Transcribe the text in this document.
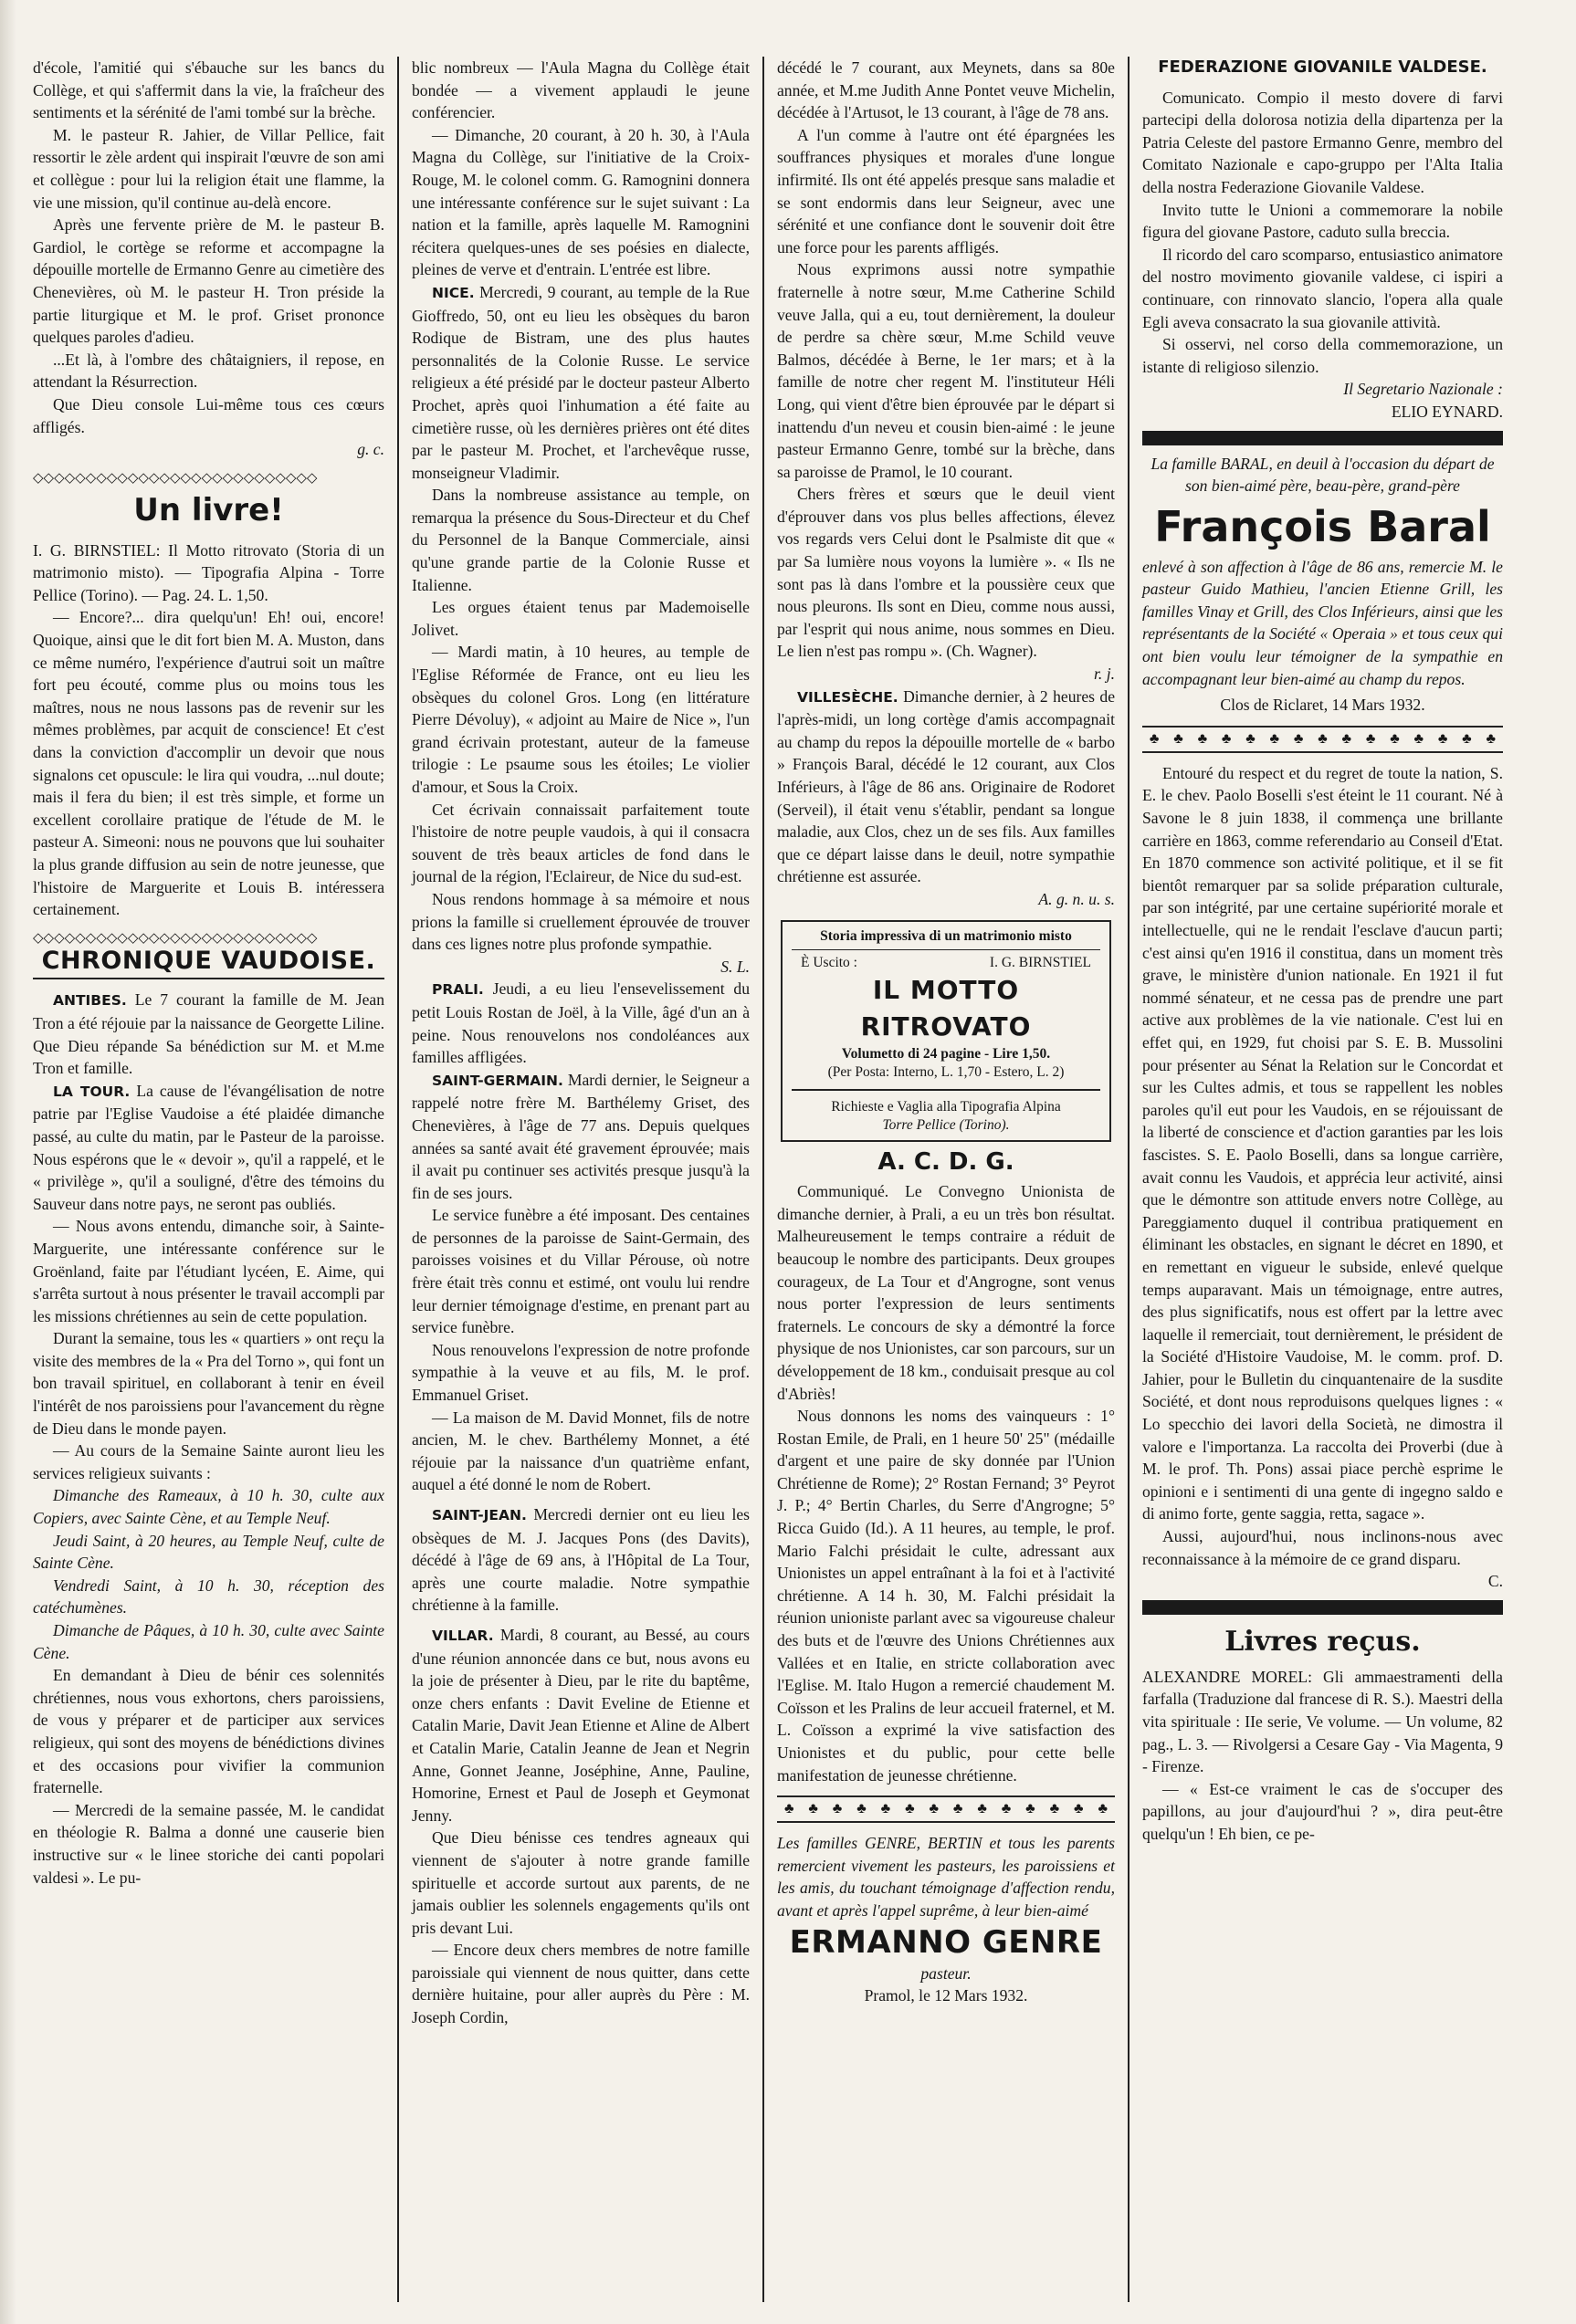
d'école, l'amitié qui s'ébauche sur les bancs du Collège, et qui s'affermit dans la vie, la fraîcheur des sentiments et la sérénité de l'ami tombé sur la brèche.

M. le pasteur R. Jahier, de Villar Pellice, fait ressortir le zèle ardent qui inspirait l'œuvre de son ami et collègue : pour lui la religion était une flamme, la vie une mission, qu'il continue au-delà encore.

Après une fervente prière de M. le pasteur B. Gardiol, le cortège se reforme et accompagne la dépouille mortelle de Ermanno Genre au cimetière des Chenevières, où M. le pasteur H. Tron préside la partie liturgique et M. le prof. Griset prononce quelques paroles d'adieu.

...Et là, à l'ombre des châtaigniers, il repose, en attendant la Résurrection.

Que Dieu console Lui-même tous ces cœurs affligés.

g. c.
◇◇◇◇◇◇◇◇◇◇◇◇◇◇◇◇◇◇◇◇◇◇◇◇◇◇◇
Un livre!

I. G. BIRNSTIEL: Il Motto ritrovato (Storia di un matrimonio misto). — Tipografia Alpina - Torre Pellice (Torino). — Pag. 24. L. 1,50.

— Encore?... dira quelqu'un! Eh! oui, encore! Quoique, ainsi que le dit fort bien M. A. Muston, dans ce même numéro, l'expérience d'autrui soit un maître fort peu écouté, comme plus ou moins tous les maîtres, nous ne nous lassons pas de revenir sur les mêmes problèmes, par acquit de conscience! Et c'est dans la conviction d'accomplir un devoir que nous signalons cet opuscule: le lira qui voudra, ...nul doute; mais il fera du bien; il est très simple, et forme un excellent corollaire pratique de l'étude de M. le pasteur A. Simeoni: nous ne pouvons que lui souhaiter la plus grande diffusion au sein de notre jeunesse, que l'histoire de Marguerite et Louis B. intéressera certainement.

◇◇◇◇◇◇◇◇◇◇◇◇◇◇◇◇◇◇◇◇◇◇◇◇◇◇◇
CHRONIQUE VAUDOISE.

ANTIBES. Le 7 courant la famille de M. Jean Tron a été réjouie par la naissance de Georgette Liline. Que Dieu répande Sa bénédiction sur M. et M.me Tron et famille.

LA TOUR. La cause de l'évangélisation de notre patrie par l'Eglise Vaudoise a été plaidée dimanche passé, au culte du matin, par le Pasteur de la paroisse. Nous espérons que le « devoir », qu'il a rappelé, et le « privilège », qu'il a souligné, d'être des témoins du Sauveur dans notre pays, ne seront pas oubliés.

— Nous avons entendu, dimanche soir, à Sainte-Marguerite, une intéressante conférence sur le Groënland, faite par l'étudiant lycéen, E. Aime, qui s'arrêta surtout à nous présenter le travail accompli par les missions chrétiennes au sein de cette population.

Durant la semaine, tous les « quartiers » ont reçu la visite des membres de la « Pra del Torno », qui font un bon travail spirituel, en collaborant à tenir en éveil l'intérêt de nos paroissiens pour l'avancement du règne de Dieu dans le monde payen.

— Au cours de la Semaine Sainte auront lieu les services religieux suivants :

Dimanche des Rameaux, à 10 h. 30, culte aux Copiers, avec Sainte Cène, et au Temple Neuf.

Jeudi Saint, à 20 heures, au Temple Neuf, culte de Sainte Cène.

Vendredi Saint, à 10 h. 30, réception des catéchumènes.

Dimanche de Pâques, à 10 h. 30, culte avec Sainte Cène.

En demandant à Dieu de bénir ces solennités chrétiennes, nous vous exhortons, chers paroissiens, de vous y préparer et de participer aux services religieux, qui sont des moyens de bénédictions divines et des occasions pour vivifier la communion fraternelle.

— Mercredi de la semaine passée, M. le candidat en théologie R. Balma a donné une causerie bien instructive sur « le linee storiche dei canti popolari valdesi ». Le pu-

blic nombreux — l'Aula Magna du Collège était bondée — a vivement applaudi le jeune conférencier.

— Dimanche, 20 courant, à 20 h. 30, à l'Aula Magna du Collège, sur l'initiative de la Croix-Rouge, M. le colonel comm. G. Ramognini donnera une intéressante conférence sur le sujet suivant : La nation et la famille, après laquelle M. Ramognini récitera quelques-unes de ses poésies en dialecte, pleines de verve et d'entrain. L'entrée est libre.

NICE. Mercredi, 9 courant, au temple de la Rue Gioffredo, 50, ont eu lieu les obsèques du baron Rodique de Bistram, une des plus hautes personnalités de la Colonie Russe. Le service religieux a été présidé par le docteur pasteur Alberto Prochet, après quoi l'inhumation a été faite au cimetière russe, où les dernières prières ont été dites par le pasteur M. Prochet, et l'archevêque russe, monseigneur Vladimir.

Dans la nombreuse assistance au temple, on remarqua la présence du Sous-Directeur et du Chef du Personnel de la Banque Commerciale, ainsi qu'une grande partie de la Colonie Russe et Italienne.

Les orgues étaient tenus par Mademoiselle Jolivet.

— Mardi matin, à 10 heures, au temple de l'Eglise Réformée de France, ont eu lieu les obsèques du colonel Gros. Long (en littérature Pierre Dévoluy), « adjoint au Maire de Nice », l'un grand écrivain protestant, auteur de la fameuse trilogie : Le psaume sous les étoiles; Le violier d'amour, et Sous la Croix.

Cet écrivain connaissait parfaitement toute l'histoire de notre peuple vaudois, à qui il consacra souvent de très beaux articles de fond dans le journal de la région, l'Eclaireur, de Nice du sud-est.

Nous rendons hommage à sa mémoire et nous prions la famille si cruellement éprouvée de trouver dans ces lignes notre plus profonde sympathie.

S. L.

PRALI. Jeudi, a eu lieu l'ensevelissement du petit Louis Rostan de Joël, à la Ville, âgé d'un an à peine. Nous renouvelons nos condoléances aux familles affligées.

SAINT-GERMAIN. Mardi dernier, le Seigneur a rappelé notre frère M. Barthélemy Griset, des Chenevières, à l'âge de 77 ans. Depuis quelques années sa santé avait été gravement éprouvée; mais il avait pu continuer ses activités presque jusqu'à la fin de ses jours.

Le service funèbre a été imposant. Des centaines de personnes de la paroisse de Saint-Germain, des paroisses voisines et du Villar Pérouse, où notre frère était très connu et estimé, ont voulu lui rendre leur dernier témoignage d'estime, en prenant part au service funèbre.

Nous renouvelons l'expression de notre profonde sympathie à la veuve et au fils, M. le prof. Emmanuel Griset.

— La maison de M. David Monnet, fils de notre ancien, M. le chev. Barthélemy Monnet, a été réjouie par la naissance d'un quatrième enfant, auquel a été donné le nom de Robert.

SAINT-JEAN. Mercredi dernier ont eu lieu les obsèques de M. J. Jacques Pons (des Davits), décédé à l'âge de 69 ans, à l'Hôpital de La Tour, après une courte maladie. Notre sympathie chrétienne à la famille.

VILLAR. Mardi, 8 courant, au Bessé, au cours d'une réunion annoncée dans ce but, nous avons eu la joie de présenter à Dieu, par le rite du baptême, onze chers enfants : Davit Eveline de Etienne et Catalin Marie, Davit Jean Etienne et Aline de Albert et Catalin Marie, Catalin Jeanne de Jean et Negrin Anne, Gonnet Jeanne, Joséphine, Anne, Pauline, Homorine, Ernest et Paul de Joseph et Geymonat Jenny.

Que Dieu bénisse ces tendres agneaux qui viennent de s'ajouter à notre grande famille spirituelle et accorde surtout aux parents, de ne jamais oublier les solennels engagements qu'ils ont pris devant Lui.

— Encore deux chers membres de notre famille paroissiale qui viennent de nous quitter, dans cette dernière huitaine, pour aller auprès du Père : M. Joseph Cordin,

décédé le 7 courant, aux Meynets, dans sa 80e année, et M.me Judith Anne Pontet veuve Michelin, décédée à l'Artusot, le 13 courant, à l'âge de 78 ans.

A l'un comme à l'autre ont été épargnées les souffrances physiques et morales d'une longue infirmité. Ils ont été appelés presque sans maladie et se sont endormis dans leur Seigneur, avec une sérénité et une confiance dont le souvenir doit être une force pour les parents affligés.

Nous exprimons aussi notre sympathie fraternelle à notre sœur, M.me Catherine Schild veuve Jalla, qui a eu, tout dernièrement, la douleur de perdre sa chère sœur, M.me Schild veuve Balmos, décédée à Berne, le 1er mars; et à la famille de notre cher regent M. l'instituteur Héli Long, qui vient d'être bien éprouvée par le départ si inattendu d'un neveu et cousin bien-aimé : le jeune pasteur Ermanno Genre, tombé sur la brèche, dans sa paroisse de Pramol, le 10 courant.

Chers frères et sœurs que le deuil vient d'éprouver dans vos plus belles affections, élevez vos regards vers Celui dont le Psalmiste dit que « par Sa lumière nous voyons la lumière ». « Ils ne sont pas là dans l'ombre et la poussière ceux que nous pleurons. Ils sont en Dieu, comme nous aussi, par l'esprit qui nous anime, nous sommes en Dieu. Le lien n'est pas rompu ». (Ch. Wagner).

r. j.

VILLESÈCHE. Dimanche dernier, à 2 heures de l'après-midi, un long cortège d'amis accompagnait au champ du repos la dépouille mortelle de « barbo » François Baral, décédé le 12 courant, aux Clos Inférieurs, à l'âge de 86 ans. Originaire de Rodoret (Serveil), il était venu s'établir, pendant sa longue maladie, aux Clos, chez un de ses fils. Aux familles que ce départ laisse dans le deuil, notre sympathie chrétienne est assurée.

A. g. n. u. s.
Storia impressiva di un matrimonio misto
È Uscito :	I. G. BIRNSTIEL
IL MOTTO RITROVATO
Volumetto di 24 pagine - Lire 1,50.
(Per Posta: Interno, L. 1,70 - Estero, L. 2)
Richieste e Vaglia alla Tipografia Alpina
Torre Pellice (Torino).
A. C. D. G.

Communiqué. Le Convegno Unionista de dimanche dernier, à Prali, a eu un très bon résultat. Malheureusement le temps contraire a réduit de beaucoup le nombre des participants. Deux groupes courageux, de La Tour et d'Angrogne, sont venus nous porter l'expression de leurs sentiments fraternels. Le concours de sky a démontré la force physique de nos Unionistes, car son parcours, sur un développement de 18 km., conduisait presque au col d'Abriès!

Nous donnons les noms des vainqueurs : 1° Rostan Emile, de Prali, en 1 heure 50' 25" (médaille d'argent et une paire de sky donnée par l'Union Chrétienne de Rome); 2° Rostan Fernand; 3° Peyrot J. P.; 4° Bertin Charles, du Serre d'Angrogne; 5° Ricca Guido (Id.). A 11 heures, au temple, le prof. Mario Falchi présidait le culte, adressant aux Unionistes un appel entraînant à la foi et à l'activité chrétienne. A 14 h. 30, M. Falchi présidait la réunion unioniste parlant avec sa vigoureuse chaleur des buts et de l'œuvre des Unions Chrétiennes aux Vallées et en Italie, en stricte collaboration avec l'Eglise. M. Italo Hugon a remercié chaudement M. Coïsson et les Pralins de leur accueil fraternel, et M. L. Coïsson a exprimé la vive satisfaction des Unionistes et du public, pour cette belle manifestation de jeunesse chrétienne.

♣ ♣ ♣ ♣ ♣ ♣ ♣ ♣ ♣ ♣ ♣ ♣ ♣ ♣
Les familles GENRE, BERTIN et tous les parents remercient vivement les pasteurs, les paroissiens et les amis, du touchant témoignage d'affection rendu, avant et après l'appel suprême, à leur bien-aimé
ERMANNO GENRE
pasteur.
Pramol, le 12 Mars 1932.
FEDERAZIONE GIOVANILE VALDESE.

Comunicato. Compio il mesto dovere di farvi partecipi della dolorosa notizia della dipartenza per la Patria Celeste del pastore Ermanno Genre, membro del Comitato Nazionale e capo-gruppo per l'Alta Italia della nostra Federazione Giovanile Valdese.

Invito tutte le Unioni a commemorare la nobile figura del giovane Pastore, caduto sulla breccia.

Il ricordo del caro scomparso, entusiastico animatore del nostro movimento giovanile valdese, ci ispiri a continuare, con rinnovato slancio, l'opera alla quale Egli aveva consacrato la sua giovanile attività.

Si osservi, nel corso della commemorazione, un istante di religioso silenzio.

Il Segretario Nazionale :
ELIO EYNARD.
La famille BARAL, en deuil à l'occasion du départ de son bien-aimé père, beau-père, grand-père
François Baral
enlevé à son affection à l'âge de 86 ans, remercie M. le pasteur Guido Mathieu, l'ancien Etienne Grill, les familles Vinay et Grill, des Clos Inférieurs, ainsi que les représentants de la Société « Operaia » et tous ceux qui ont bien voulu leur témoigner de la sympathie en accompagnant leur bien-aimé au champ du repos.
Clos de Riclaret, 14 Mars 1932.
♣ ♣ ♣ ♣ ♣ ♣ ♣ ♣ ♣ ♣ ♣ ♣ ♣ ♣ ♣

Entouré du respect et du regret de toute la nation, S. E. le chev. Paolo Boselli s'est éteint le 11 courant. Né à Savone le 8 juin 1838, il commença une brillante carrière en 1863, comme referendario au Conseil d'Etat. En 1870 commence son activité politique, et il se fit bientôt remarquer par sa solide préparation culturale, par son intégrité, par une certaine supériorité morale et intellectuelle, qui ne le rendait l'esclave d'aucun parti; c'est ainsi qu'en 1916 il constitua, dans un moment très grave, le ministère d'union nationale. En 1921 il fut nommé sénateur, et ne cessa pas de prendre une part active aux problèmes de la vie nationale. C'est lui en effet qui, en 1929, fut choisi par S. E. B. Mussolini pour présenter au Sénat la Relation sur le Concordat et sur les Cultes admis, et tous se rappellent les nobles paroles qu'il eut pour les Vaudois, en se réjouissant de la liberté de conscience et d'action garanties par les lois fascistes. S. E. Paolo Boselli, dans sa longue carrière, avait connu les Vaudois, et apprécia leur activité, ainsi que le démontre son attitude envers notre Collège, au Pareggiamento duquel il contribua pratiquement en éliminant les obstacles, en signant le décret en 1890, et en remettant en vigueur le subside, enlevé quelque temps auparavant. Mais un témoignage, entre autres, des plus significatifs, nous est offert par la lettre avec laquelle il remerciait, tout dernièrement, le président de la Société d'Histoire Vaudoise, M. le comm. prof. D. Jahier, pour le Bulletin du cinquantenaire de la susdite Société, et dont nous reproduisons quelques lignes : « Lo specchio dei lavori della Società, ne dimostra il valore e l'importanza. La raccolta dei Proverbi (due à M. le prof. Th. Pons) assai piace perchè esprime le opinioni e i sentimenti di una gente di ingegno saldo e di animo forte, gente saggia, retta, sagace ».

Aussi, aujourd'hui, nous inclinons-nous avec reconnaissance à la mémoire de ce grand disparu.

C.
Livres reçus.

ALEXANDRE MOREL: Gli ammaestramenti della farfalla (Traduzione dal francese di R. S.). Maestri della vita spirituale : IIe serie, Ve volume. — Un volume, 82 pag., L. 3. — Rivolgersi a Cesare Gay - Via Magenta, 9 - Firenze.

— « Est-ce vraiment le cas de s'occuper des papillons, au jour d'aujourd'hui ? », dira peut-être quelqu'un ! Eh bien, ce pe-
